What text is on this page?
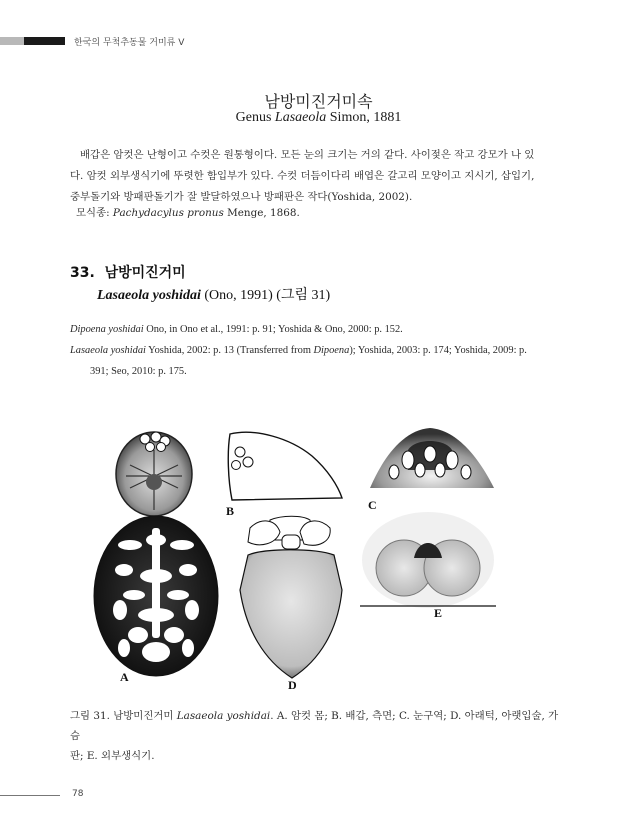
한국의 무척추동물 거미류 V
남방미진거미속
Genus Lasaeola Simon, 1881
배갑은 암컷은 난형이고 수컷은 원통형이다. 모든 눈의 크기는 거의 같다. 사이젖은 작고 강모가 나 있
다. 암컷 외부생식기에 뚜렷한 함입부가 있다. 수컷 더듬이다리 배엽은 갈고리 모양이고 지시기, 삽입기,
중부돌기와 방패판돌기가 잘 발달하였으나 방패판은 작다(Yoshida, 2002).
모식종: Pachydacylus pronus Menge, 1868.
33. 남방미진거미
Lasaeola yoshidai (Ono, 1991) (그림 31)
Dipoena yoshidai Ono, in Ono et al., 1991: p. 91; Yoshida & Ono, 2000: p. 152.
Lasaeola yoshidai Yoshida, 2002: p. 13 (Transferred from Dipoena); Yoshida, 2003: p. 174; Yoshida, 2009: p.
391; Seo, 2010: p. 175.
A
B	C
D
E
그림 31. 남방미진거미 Lasaeola yoshidai. A. 암컷 몸; B. 배갑, 측면; C. 눈구역; D. 아래턱, 아랫입술, 가슴
판; E. 외부생식기.
78
